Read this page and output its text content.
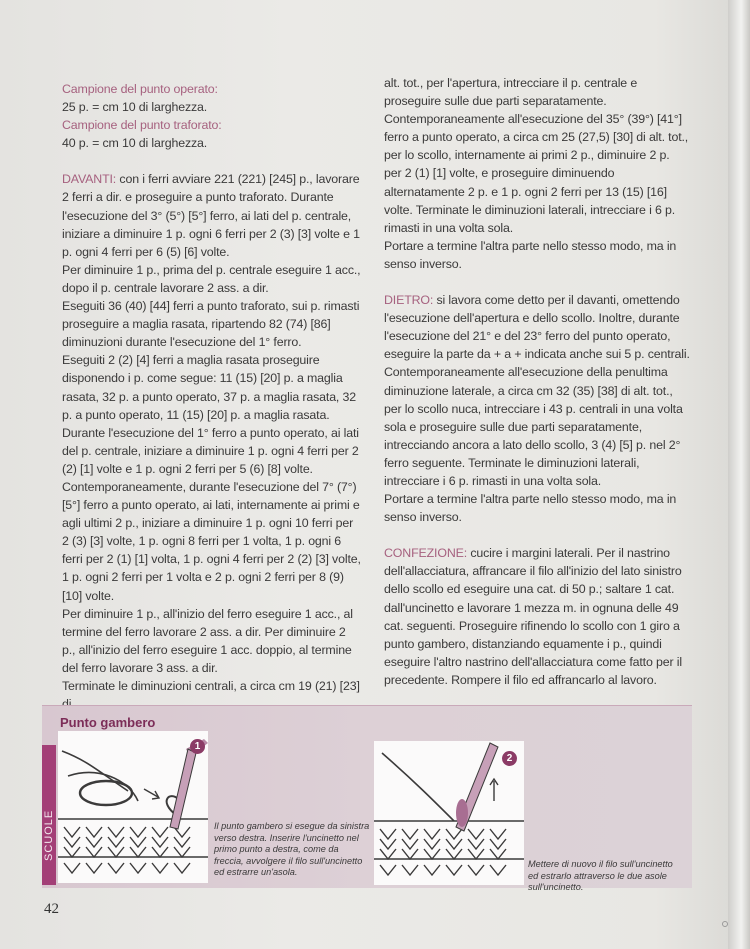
Campione del punto operato:

25 p. = cm 10 di larghezza.

Campione del punto traforato:

40 p. = cm 10 di larghezza.

DAVANTI: con i ferri avviare 221 (221) [245] p., lavorare 2 ferri a dir. e proseguire a punto traforato. Durante l'esecuzione del 3° (5°) [5°] ferro, ai lati del p. centrale, iniziare a diminuire 1 p. ogni 6 ferri per 2 (3) [3] volte e 1 p. ogni 4 ferri per 6 (5) [6] volte.

Per diminuire 1 p., prima del p. centrale eseguire 1 acc., dopo il p. centrale lavorare 2 ass. a dir.

Eseguiti 36 (40) [44] ferri a punto traforato, sui p. rimasti proseguire a maglia rasata, ripartendo 82 (74) [86] diminuzioni durante l'esecuzione del 1° ferro.

Eseguiti 2 (2) [4] ferri a maglia rasata proseguire disponendo i p. come segue: 11 (15) [20] p. a maglia rasata, 32 p. a punto operato, 37 p. a maglia rasata, 32 p. a punto operato, 11 (15) [20] p. a maglia rasata. Durante l'esecuzione del 1° ferro a punto operato, ai lati del p. centrale, iniziare a diminuire 1 p. ogni 4 ferri per 2 (2) [1] volte e 1 p. ogni 2 ferri per 5 (6) [8] volte. Contemporaneamente, durante l'esecuzione del 7° (7°) [5°] ferro a punto operato, ai lati, internamente ai primi e agli ultimi 2 p., iniziare a diminuire 1 p. ogni 10 ferri per 2 (3) [3] volte, 1 p. ogni 8 ferri per 1 volta, 1 p. ogni 6 ferri per 2 (1) [1] volta, 1 p. ogni 4 ferri per 2 (2) [3] volte, 1 p. ogni 2 ferri per 1 volta e 2 p. ogni 2 ferri per 8 (9) [10] volte.

Per diminuire 1 p., all'inizio del ferro eseguire 1 acc., al termine del ferro lavorare 2 ass. a dir. Per diminuire 2 p., all'inizio del ferro eseguire 1 acc. doppio, al termine del ferro lavorare 3 ass. a dir.

Terminate le diminuzioni centrali, a circa cm 19 (21) [23]

alt. tot., per l'apertura, intrecciare il p. centrale e proseguire sulle due parti separatamente. Contemporaneamente all'esecuzione del 35° (39°) [41°] ferro a punto operato, a circa cm 25 (27,5) [30] di alt. tot., per lo scollo, internamente ai primi 2 p., diminuire 2 p. per 2 (1) [1] volte, e proseguire diminuendo alternatamente 2 p. e 1 p. ogni 2 ferri per 13 (15) [16] volte. Terminate le diminuzioni laterali, intrecciare i 6 p. rimasti in una volta sola.

Portare a termine l'altra parte nello stesso modo, ma in senso inverso.

DIETRO: si lavora come detto per il davanti, omettendo l'esecuzione dell'apertura e dello scollo. Inoltre, durante l'esecuzione del 21° e del 23° ferro del punto operato, eseguire la parte da + a + indicata anche sui 5 p. centrali. Contemporaneamente all'esecuzione della penultima diminuzione laterale, a circa cm 32 (35) [38] di alt. tot., per lo scollo nuca, intrecciare i 43 p. centrali in una volta sola e proseguire sulle due parti separatamente, intrecciando ancora a lato dello scollo, 3 (4) [5] p. nel 2° ferro seguente. Terminate le diminuzioni laterali, intrecciare i 6 p. rimasti in una volta sola.

Portare a termine l'altra parte nello stesso modo, ma in senso inverso.

CONFEZIONE: cucire i margini laterali. Per il nastrino dell'allacciatura, affrancare il filo all'inizio del lato sinistro dello scollo ed eseguire una cat. di 50 p.; saltare 1 cat. dall'uncinetto e lavorare 1 mezza m. in ognuna delle 49 cat. seguenti. Proseguire rifinendo lo scollo con 1 giro a punto gambero, distanziando equamente i p., quindi eseguire l'altro nastrino dell'allacciatura come fatto per il precedente. Rompere il filo ed affrancarlo al lavoro.

SCUOLE
Punto gambero
1
Il punto gambero si esegue da sinistra verso destra. Inserire l'uncinetto nel primo punto a destra, come da freccia, avvolgere il filo sull'uncinetto ed estrarre un'asola.
2
Mettere di nuovo il filo sull'uncinetto ed estrarlo attraverso le due asole sull'uncinetto.
42
